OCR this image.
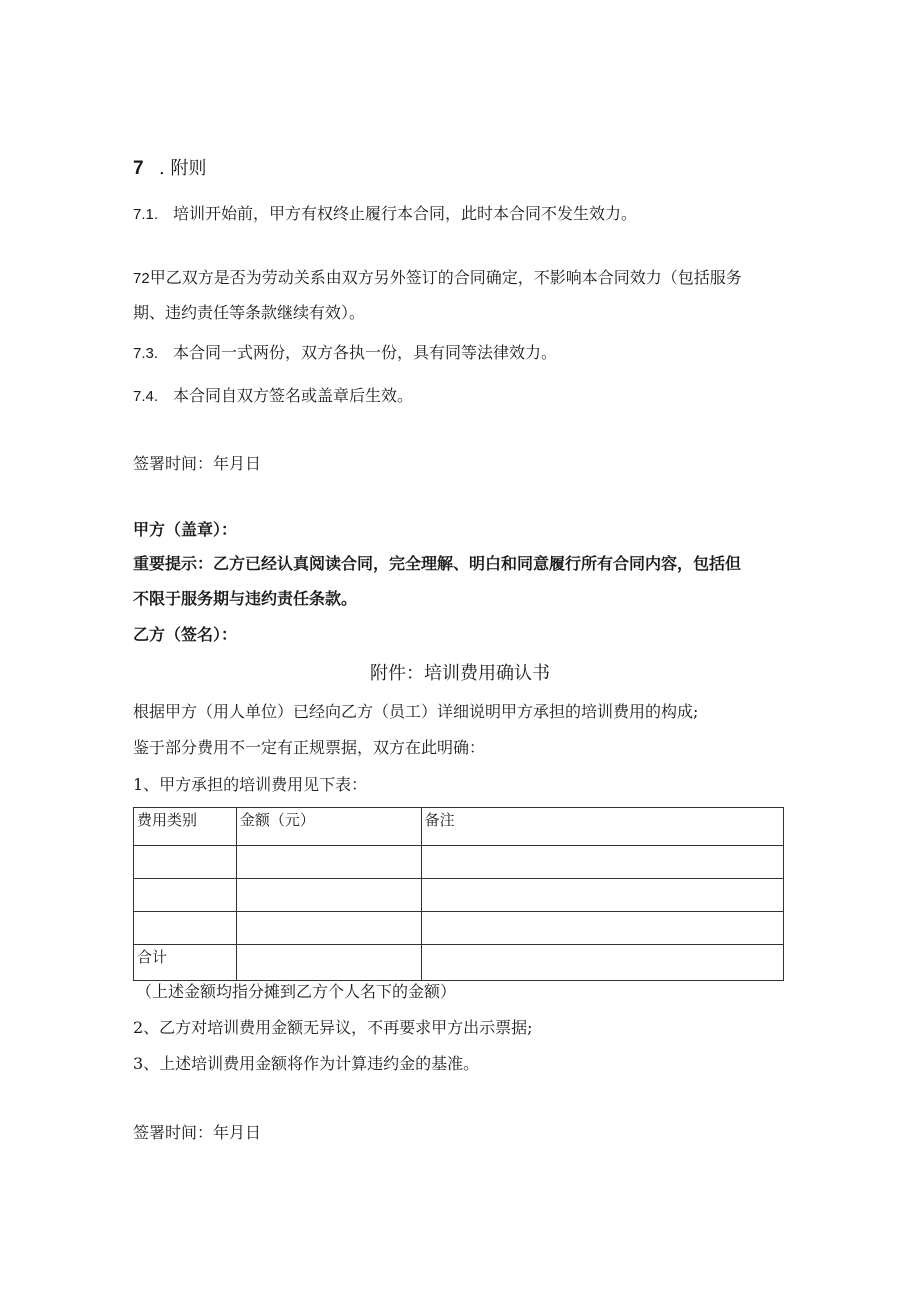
7 . 附则
7.1. 培训开始前，甲方有权终止履行本合同，此时本合同不发生效力。
72甲乙双方是否为劳动关系由双方另外签订的合同确定，不影响本合同效力（包括服务
期、违约责任等条款继续有效）。
7.3. 本合同一式两份，双方各执一份，具有同等法律效力。
7.4. 本合同自双方签名或盖章后生效。
签署时间：年月日
甲方（盖章）：
重要提示：乙方已经认真阅读合同，完全理解、明白和同意履行所有合同内容，包括但
不限于服务期与违约责任条款。
乙方（签名）：
附件：培训费用确认书
根据甲方（用人单位）已经向乙方（员工）详细说明甲方承担的培训费用的构成;
鉴于部分费用不一定有正规票据，双方在此明确：
1、甲方承担的培训费用见下表：
费用类别	金额（元）	备注

合计		
（上述金额均指分摊到乙方个人名下的金额）
2、乙方对培训费用金额无异议，不再要求甲方出示票据;
3、上述培训费用金额将作为计算违约金的基准。
签署时间：年月日
